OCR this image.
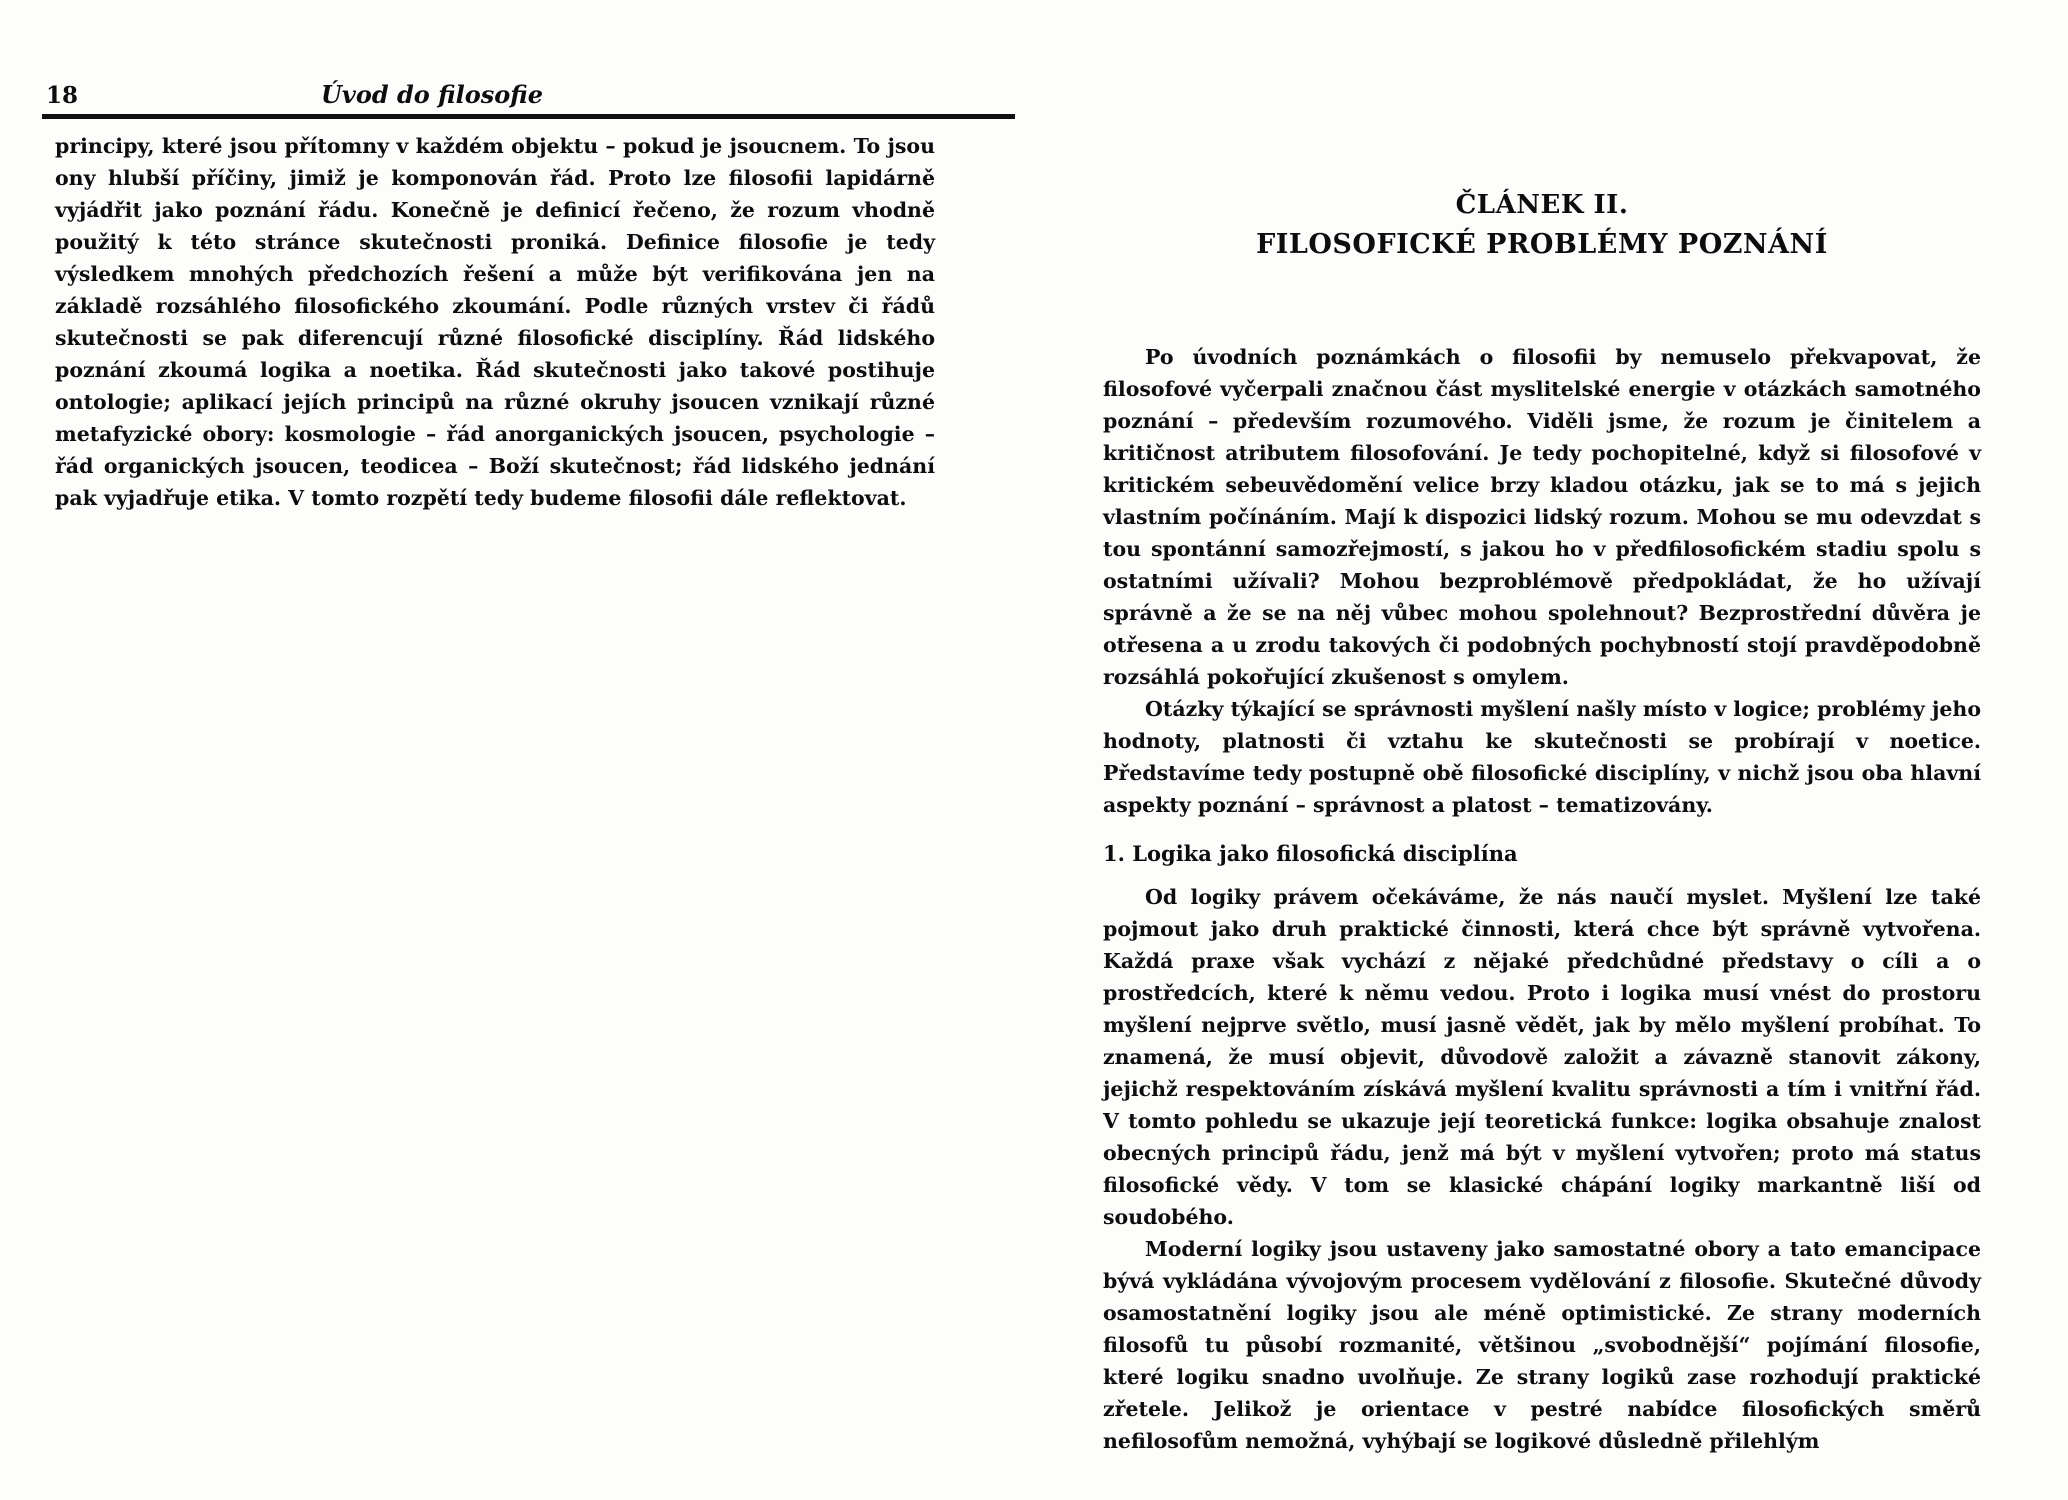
18	Úvod do filosofie

principy, které jsou přítomny v každém objektu – pokud je jsoucnem. To jsou ony hlubší příčiny, jimiž je komponován řád. Proto lze filosofii lapidárně vyjádřit jako poznání řádu. Konečně je definicí řečeno, že rozum vhodně použitý k této stránce skutečnosti proniká. Definice filosofie je tedy výsledkem mnohých předchozích řešení a může být verifikována jen na základě rozsáhlého filosofického zkoumání. Podle různých vrstev či řádů skutečnosti se pak diferencují různé filosofické disciplíny. Řád lidského poznání zkoumá logika a noetika. Řád skutečnosti jako takové postihuje ontologie; aplikací jejích principů na různé okruhy jsoucen vznikají různé metafyzické obory: kosmologie – řád anorganických jsoucen, psychologie – řád organických jsoucen, teodicea – Boží skutečnost; řád lidského jednání pak vyjadřuje etika. V tomto rozpětí tedy budeme filosofii dále reflektovat.

ČLÁNEK II.
FILOSOFICKÉ PROBLÉMY POZNÁNÍ

Po úvodních poznámkách o filosofii by nemuselo překvapovat, že filosofové vyčerpali značnou část myslitelské energie v otázkách samotného poznání – především rozumového. Viděli jsme, že rozum je činitelem a kritičnost atributem filosofování. Je tedy pochopitelné, když si filosofové v kritickém sebeuvědomění velice brzy kladou otázku, jak se to má s jejich vlastním počínáním. Mají k dispozici lidský rozum. Mohou se mu odevzdat s tou spontánní samozřejmostí, s jakou ho v předfilosofickém stadiu spolu s ostatními užívali? Mohou bezproblémově předpokládat, že ho užívají správně a že se na něj vůbec mohou spolehnout? Bezprostřední důvěra je otřesena a u zrodu takových či podobných pochybností stojí pravděpodobně rozsáhlá pokořující zkušenost s omylem.

Otázky týkající se správnosti myšlení našly místo v logice; problémy jeho hodnoty, platnosti či vztahu ke skutečnosti se probírají v noetice. Představíme tedy postupně obě filosofické disciplíny, v nichž jsou oba hlavní aspekty poznání – správnost a platost – tematizovány.

1. Logika jako filosofická disciplína

Od logiky právem očekáváme, že nás naučí myslet. Myšlení lze také pojmout jako druh praktické činnosti, která chce být správně vytvořena. Každá praxe však vychází z nějaké předchůdné představy o cíli a o prostředcích, které k němu vedou. Proto i logika musí vnést do prostoru myšlení nejprve světlo, musí jasně vědět, jak by mělo myšlení probíhat. To znamená, že musí objevit, důvodově založit a závazně stanovit zákony, jejichž respektováním získává myšlení kvalitu správnosti a tím i vnitřní řád. V tomto pohledu se ukazuje její teoretická funkce: logika obsahuje znalost obecných principů řádu, jenž má být v myšlení vytvořen; proto má status filosofické vědy. V tom se klasické chápání logiky markantně liší od soudobého.

Moderní logiky jsou ustaveny jako samostatné obory a tato emancipace bývá vykládána vývojovým procesem vydělování z filosofie. Skutečné důvody osamostatnění logiky jsou ale méně optimistické. Ze strany moderních filosofů tu působí rozmanité, většinou „svobodnější“ pojímání filosofie, které logiku snadno uvolňuje. Ze strany logiků zase rozhodují praktické zřetele. Jelikož je orientace v pestré nabídce filosofických směrů nefilosofům nemožná, vyhýbají se logikové důsledně přilehlým
